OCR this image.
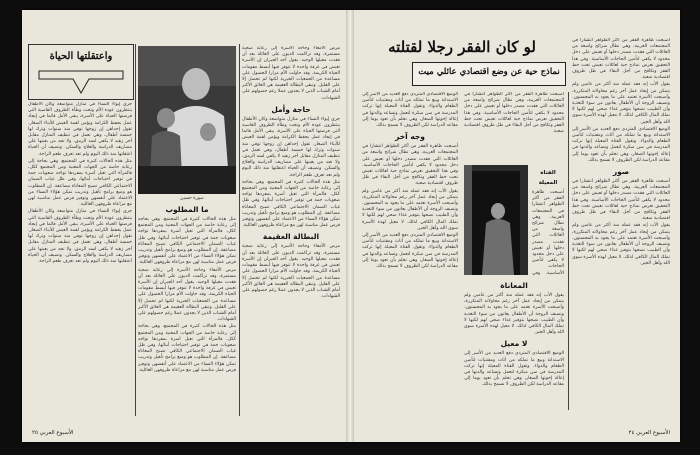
واعتقلتها الحياة

جرى إيواء النساء في منازل متواضعة وكان الأطفال ينتظرون عودة الأم وتحت وطأة الظروف القاسية التي فرضتها الحياة على الأسرة، يبقى الأمل قائما في إيجاد عمل يحفظ الكرامة ويؤمن لقمة العيش للأبناء الصغار. تقول إحداهن إن زوجها توفي منذ سنوات وترك لها خمسة أطفال، وهي تعمل في تنظيف المنازل مقابل أجر زهيد لا يكفي لسد الرمق، ولا تجد من يعينها على مصاريف الدراسة والعلاج والسكن. وتضيف أن الحياة اعتقلتها منذ ذلك اليوم ولم تعد تعرف طعم الراحة.

مثل هذه الحالات كثيرة في المجتمع، وهي بحاجة إلى رعاية خاصة من الجهات المعنية ومن المجتمع ككل، فالمرأة التي تعيل أسرة بمفردها تواجه صعوبات جمة في توفير احتياجات أبنائها، وفي ظل غياب الضمان الاجتماعي الكافي تصبح المعاناة مضاعفة. إن المطلوب هو وضع برامج تأهيل وتدريب تمكن هؤلاء النساء من الاعتماد على أنفسهن وتوفير فرص عمل مناسبة لهن مع مراعاة ظروفهن العائلية.

جرى إيواء النساء في منازل متواضعة وكان الأطفال ينتظرون عودة الأم وتحت وطأة الظروف القاسية التي فرضتها الحياة على الأسرة، يبقى الأمل قائما في إيجاد عمل يحفظ الكرامة ويؤمن لقمة العيش للأبناء الصغار. تقول إحداهن إن زوجها توفي منذ سنوات وترك لها خمسة أطفال، وهي تعمل في تنظيف المنازل مقابل أجر زهيد لا يكفي لسد الرمق، ولا تجد من يعينها على مصاريف الدراسة والعلاج والسكن. وتضيف أن الحياة اعتقلتها منذ ذلك اليوم ولم تعد تعرف طعم الراحة.

صورة حسين
ما المطلوب

مثل هذه الحالات كثيرة في المجتمع، وهي بحاجة إلى رعاية خاصة من الجهات المعنية ومن المجتمع ككل، فالمرأة التي تعيل أسرة بمفردها تواجه صعوبات جمة في توفير احتياجات أبنائها، وفي ظل غياب الضمان الاجتماعي الكافي تصبح المعاناة مضاعفة. إن المطلوب هو وضع برامج تأهيل وتدريب تمكن هؤلاء النساء من الاعتماد على أنفسهن وتوفير فرص عمل مناسبة لهن مع مراعاة ظروفهن العائلية.

مرض الأمعاء وحاجة الأسرة إلى رعاية صحية مستمرة، وقد تراكمت الديون على العائلة بعد أن فقدت معيلها الوحيد. يقول أحد الجيران إن الأسرة تعيش في غرفة واحدة لا تتوفر فيها أبسط مقومات الحياة الكريمة. وقد حاولت الأم مرارا الحصول على مساعدة من الجمعيات الخيرية لكنها لم تحصل إلا على القليل. وتبقى البطالة العقيمة هي العائق الأكبر أمام الشباب الذين لا يجدون عملا رغم حصولهم على الشهادات.

مثل هذه الحالات كثيرة في المجتمع، وهي بحاجة إلى رعاية خاصة من الجهات المعنية ومن المجتمع ككل، فالمرأة التي تعيل أسرة بمفردها تواجه صعوبات جمة في توفير احتياجات أبنائها، وفي ظل غياب الضمان الاجتماعي الكافي تصبح المعاناة مضاعفة. إن المطلوب هو وضع برامج تأهيل وتدريب تمكن هؤلاء النساء من الاعتماد على أنفسهن وتوفير فرص عمل مناسبة لهن مع مراعاة ظروفهن العائلية.

مرض الأمعاء وحاجة الأسرة إلى رعاية صحية مستمرة، وقد تراكمت الديون على العائلة بعد أن فقدت معيلها الوحيد. يقول أحد الجيران إن الأسرة تعيش في غرفة واحدة لا تتوفر فيها أبسط مقومات الحياة الكريمة. وقد حاولت الأم مرارا الحصول على مساعدة من الجمعيات الخيرية لكنها لم تحصل إلا على القليل. وتبقى البطالة العقيمة هي العائق الأكبر أمام الشباب الذين لا يجدون عملا رغم حصولهم على الشهادات.

حاجة وأمل

جرى إيواء النساء في منازل متواضعة وكان الأطفال ينتظرون عودة الأم وتحت وطأة الظروف القاسية التي فرضتها الحياة على الأسرة، يبقى الأمل قائما في إيجاد عمل يحفظ الكرامة ويؤمن لقمة العيش للأبناء الصغار. تقول إحداهن إن زوجها توفي منذ سنوات وترك لها خمسة أطفال، وهي تعمل في تنظيف المنازل مقابل أجر زهيد لا يكفي لسد الرمق، ولا تجد من يعينها على مصاريف الدراسة والعلاج والسكن. وتضيف أن الحياة اعتقلتها منذ ذلك اليوم ولم تعد تعرف طعم الراحة.

مثل هذه الحالات كثيرة في المجتمع، وهي بحاجة إلى رعاية خاصة من الجهات المعنية ومن المجتمع ككل، فالمرأة التي تعيل أسرة بمفردها تواجه صعوبات جمة في توفير احتياجات أبنائها، وفي ظل غياب الضمان الاجتماعي الكافي تصبح المعاناة مضاعفة. إن المطلوب هو وضع برامج تأهيل وتدريب تمكن هؤلاء النساء من الاعتماد على أنفسهن وتوفير فرص عمل مناسبة لهن مع مراعاة ظروفهن العائلية.

البطالة العقيمة

مرض الأمعاء وحاجة الأسرة إلى رعاية صحية مستمرة، وقد تراكمت الديون على العائلة بعد أن فقدت معيلها الوحيد. يقول أحد الجيران إن الأسرة تعيش في غرفة واحدة لا تتوفر فيها أبسط مقومات الحياة الكريمة. وقد حاولت الأم مرارا الحصول على مساعدة من الجمعيات الخيرية لكنها لم تحصل إلا على القليل. وتبقى البطالة العقيمة هي العائق الأكبر أمام الشباب الذين لا يجدون عملا رغم حصولهم على الشهادات.

الأسبوع العربي ٢٥
لو كان الفقر رجلا لقتلته
نماذج حية عن وضع اقتصادي عائلي ميت

الوضع الاقتصادي المتردي دفع العديد من الأسر إلى الاستدانة وبيع ما تملكه من أثاث ومقتنيات لتأمين الطعام والدواء. وتقول الفتاة المعيلة إنها تركت المدرسة في سن مبكرة لتعمل وتساعد والدتها في إعالة إخوتها الصغار، وهي تحلم بأن تعود يوما إلى مقاعد الدراسة لكن الظروف لا تسمح بذلك.

وجه آخر

أصبحت ظاهرة الفقر من أكثر الظواهر انتشارا في المجتمعات العربية، وهي تطال شرائح واسعة من العائلات التي فقدت مصدر دخلها أو تعيش على دخل محدود لا يكفي لتأمين الحاجات الأساسية. وفي هذا التحقيق نعرض نماذج حية لعائلات تعيش تحت خط الفقر وتكافح من أجل البقاء في ظل ظروف اقتصادية صعبة.

يقول الأب إنه فقد عمله منذ أكثر من عامين ولم يتمكن من إيجاد عمل آخر رغم محاولاته المتكررة، وأصبحت الأسرة تعتمد على ما يجود به المحسنون. وتضيف الزوجة أن الأطفال يعانون من سوء التغذية وأن الطبيب نصحها بتوفير غذاء صحي لهم لكنها لا تملك المال الكافي لذلك. لا معيل لهذه الأسرة سوى الله وأهل الخير.

الوضع الاقتصادي المتردي دفع العديد من الأسر إلى الاستدانة وبيع ما تملكه من أثاث ومقتنيات لتأمين الطعام والدواء. وتقول الفتاة المعيلة إنها تركت المدرسة في سن مبكرة لتعمل وتساعد والدتها في إعالة إخوتها الصغار، وهي تحلم بأن تعود يوما إلى مقاعد الدراسة لكن الظروف لا تسمح بذلك.

أصبحت ظاهرة الفقر من أكثر الظواهر انتشارا في المجتمعات العربية، وهي تطال شرائح واسعة من العائلات التي فقدت مصدر دخلها أو تعيش على دخل محدود لا يكفي لتأمين الحاجات الأساسية. وفي هذا التحقيق نعرض نماذج حية لعائلات تعيش تحت خط الفقر وتكافح من أجل البقاء في ظل ظروف اقتصادية صعبة.

المعاناة

يقول الأب إنه فقد عمله منذ أكثر من عامين ولم يتمكن من إيجاد عمل آخر رغم محاولاته المتكررة، وأصبحت الأسرة تعتمد على ما يجود به المحسنون. وتضيف الزوجة أن الأطفال يعانون من سوء التغذية وأن الطبيب نصحها بتوفير غذاء صحي لهم لكنها لا تملك المال الكافي لذلك. لا معيل لهذه الأسرة سوى الله وأهل الخير.

لا معيل

الوضع الاقتصادي المتردي دفع العديد من الأسر إلى الاستدانة وبيع ما تملكه من أثاث ومقتنيات لتأمين الطعام والدواء. وتقول الفتاة المعيلة إنها تركت المدرسة في سن مبكرة لتعمل وتساعد والدتها في إعالة إخوتها الصغار، وهي تحلم بأن تعود يوما إلى مقاعد الدراسة لكن الظروف لا تسمح بذلك.

الفتاة المعيلة

أصبحت ظاهرة الفقر من أكثر الظواهر انتشارا في المجتمعات العربية، وهي تطال شرائح واسعة من العائلات التي فقدت مصدر دخلها أو تعيش على دخل محدود لا يكفي لتأمين الحاجات الأساسية. وفي

أصبحت ظاهرة الفقر من أكثر الظواهر انتشارا في المجتمعات العربية، وهي تطال شرائح واسعة من العائلات التي فقدت مصدر دخلها أو تعيش على دخل محدود لا يكفي لتأمين الحاجات الأساسية. وفي هذا التحقيق نعرض نماذج حية لعائلات تعيش تحت خط الفقر وتكافح من أجل البقاء في ظل ظروف اقتصادية صعبة.

يقول الأب إنه فقد عمله منذ أكثر من عامين ولم يتمكن من إيجاد عمل آخر رغم محاولاته المتكررة، وأصبحت الأسرة تعتمد على ما يجود به المحسنون. وتضيف الزوجة أن الأطفال يعانون من سوء التغذية وأن الطبيب نصحها بتوفير غذاء صحي لهم لكنها لا تملك المال الكافي لذلك. لا معيل لهذه الأسرة سوى الله وأهل الخير.

الوضع الاقتصادي المتردي دفع العديد من الأسر إلى الاستدانة وبيع ما تملكه من أثاث ومقتنيات لتأمين الطعام والدواء. وتقول الفتاة المعيلة إنها تركت المدرسة في سن مبكرة لتعمل وتساعد والدتها في إعالة إخوتها الصغار، وهي تحلم بأن تعود يوما إلى مقاعد الدراسة لكن الظروف لا تسمح بذلك.

صور

أصبحت ظاهرة الفقر من أكثر الظواهر انتشارا في المجتمعات العربية، وهي تطال شرائح واسعة من العائلات التي فقدت مصدر دخلها أو تعيش على دخل محدود لا يكفي لتأمين الحاجات الأساسية. وفي هذا التحقيق نعرض نماذج حية لعائلات تعيش تحت خط الفقر وتكافح من أجل البقاء في ظل ظروف اقتصادية صعبة.

يقول الأب إنه فقد عمله منذ أكثر من عامين ولم يتمكن من إيجاد عمل آخر رغم محاولاته المتكررة، وأصبحت الأسرة تعتمد على ما يجود به المحسنون. وتضيف الزوجة أن الأطفال يعانون من سوء التغذية وأن الطبيب نصحها بتوفير غذاء صحي لهم لكنها لا تملك المال الكافي لذلك. لا معيل لهذه الأسرة سوى الله وأهل الخير.

الأسبوع العربي ٢٤
